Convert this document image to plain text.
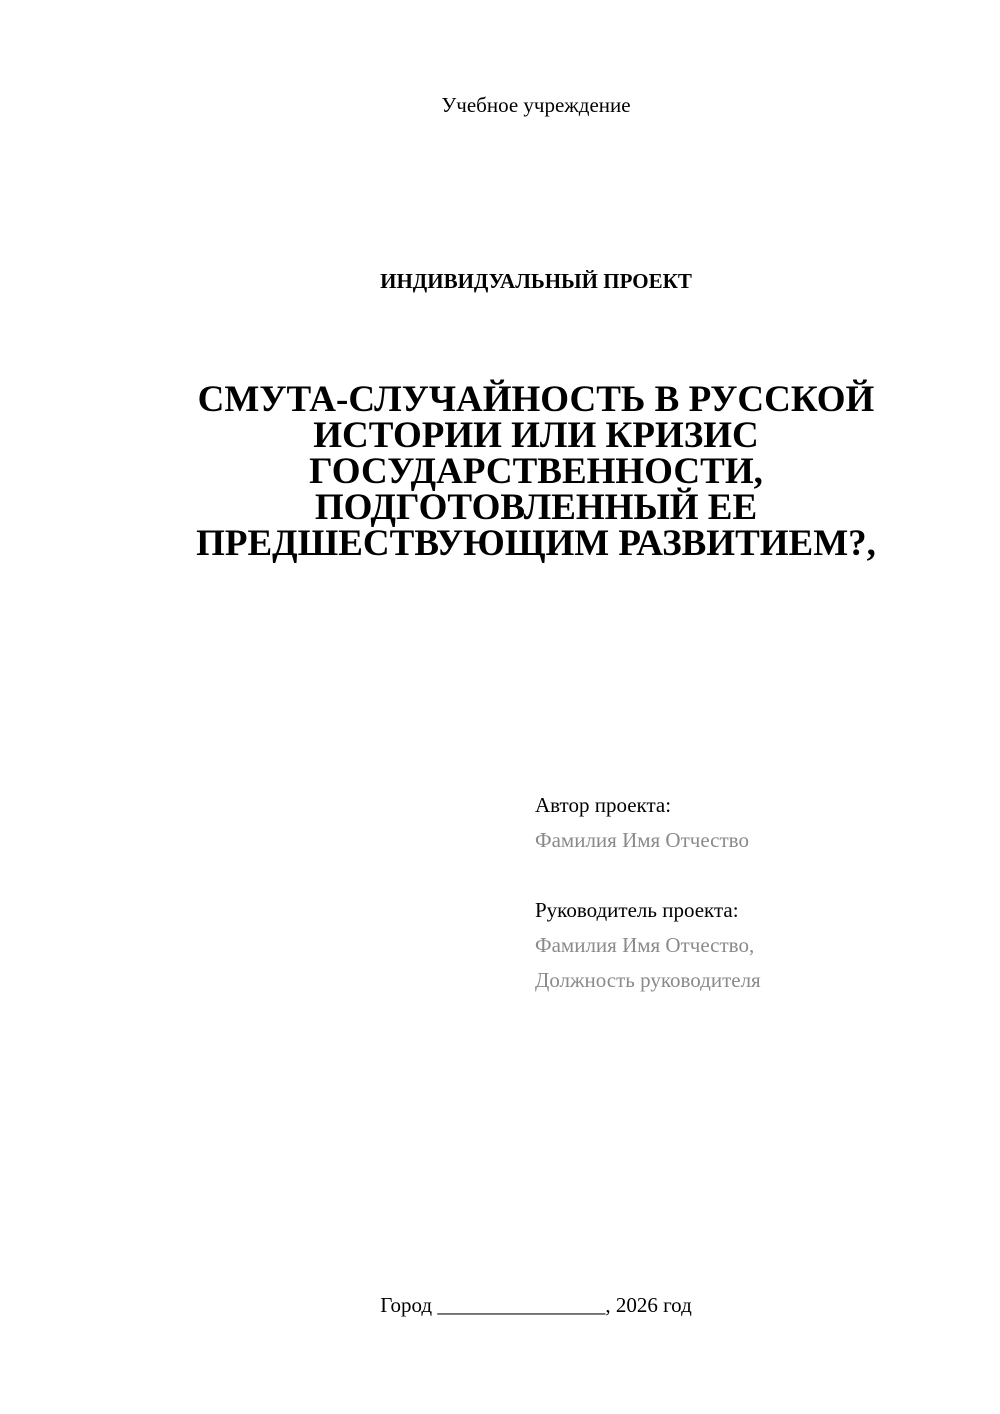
Учебное учреждение

ИНДИВИДУАЛЬНЫЙ ПРОЕКТ

СМУТА-СЛУЧАЙНОСТЬ В РУССКОЙ
ИСТОРИИ ИЛИ КРИЗИС
ГОСУДАРСТВЕННОСТИ,
ПОДГОТОВЛЕННЫЙ ЕЕ
ПРЕДШЕСТВУЮЩИМ РАЗВИТИЕМ?,
Автор проекта:
Фамилия Имя Отчество
Руководитель проекта:
Фамилия Имя Отчество,
Должность руководителя

Город ________________, 2026 год
